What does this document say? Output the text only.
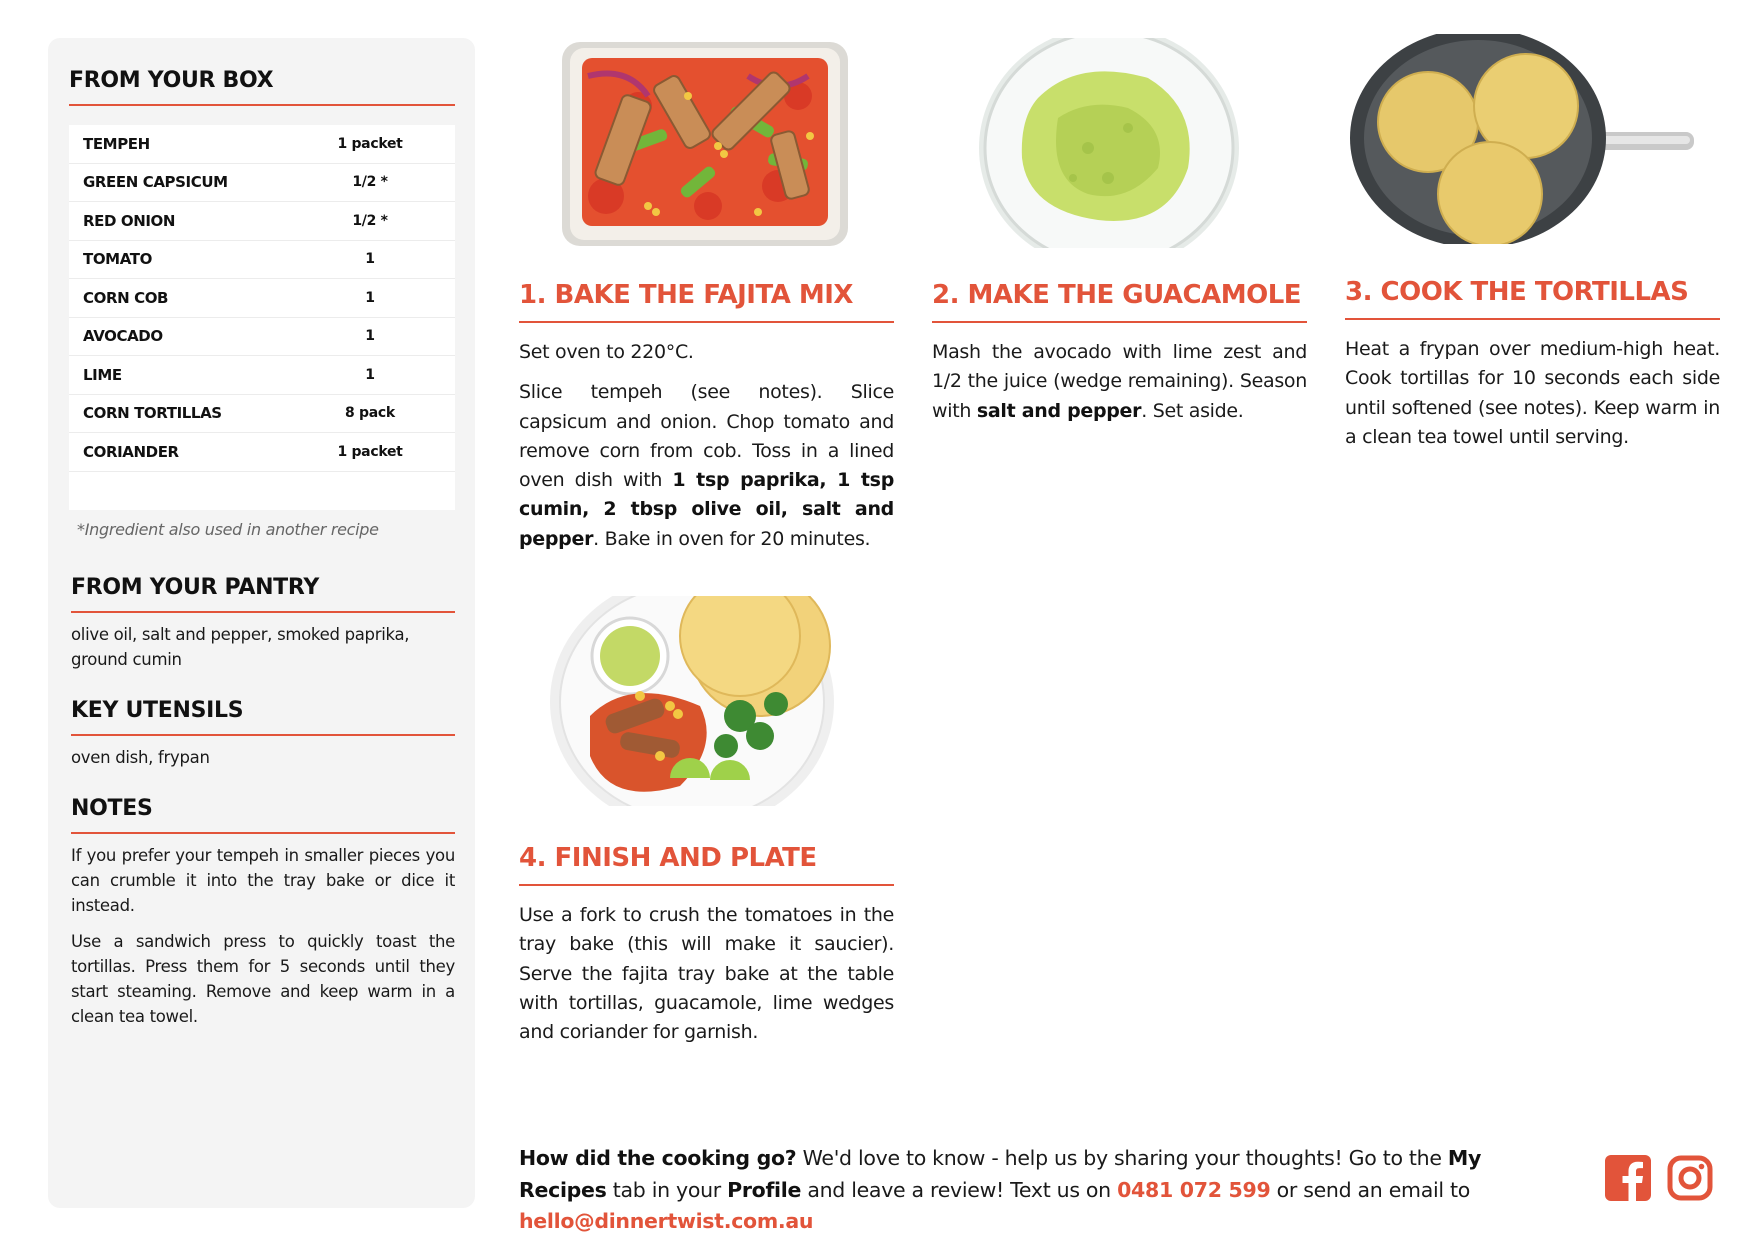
FROM YOUR BOX
TEMPEH	1 packet
GREEN CAPSICUM	1/2 *
RED ONION	1/2 *
TOMATO	1
CORN COB	1
AVOCADO	1
LIME	1
CORN TORTILLAS	8 pack
CORIANDER	1 packet
*Ingredient also used in another recipe
FROM YOUR PANTRY
olive oil, salt and pepper, smoked paprika, ground cumin
KEY UTENSILS
oven dish, frypan
NOTES

If you prefer your tempeh in smaller pieces you can crumble it into the tray bake or dice it instead.

Use a sandwich press to quickly toast the tortillas. Press them for 5 seconds until they start steaming. Remove and keep warm in a clean tea towel.

1. BAKE THE FAJITA MIX

Set oven to 220°C.

Slice tempeh (see notes). Slice capsicum and onion. Chop tomato and remove corn from cob. Toss in a lined oven dish with 1 tsp paprika, 1 tsp cumin, 2 tbsp olive oil, salt and pepper. Bake in oven for 20 minutes.

2. MAKE THE GUACAMOLE

Mash the avocado with lime zest and 1/2 the juice (wedge remaining). Season with salt and pepper. Set aside.

3. COOK THE TORTILLAS

Heat a frypan over medium-high heat. Cook tortillas for 10 seconds each side until softened (see notes). Keep warm in a clean tea towel until serving.

4. FINISH AND PLATE

Use a fork to crush the tomatoes in the tray bake (this will make it saucier). Serve the fajita tray bake at the table with tortillas, guacamole, lime wedges and coriander for garnish.

How did the cooking go? We'd love to know - help us by sharing your thoughts! Go to the My Recipes tab in your Profile and leave a review! Text us on 0481 072 599 or send an email to hello@dinnertwist.com.au
